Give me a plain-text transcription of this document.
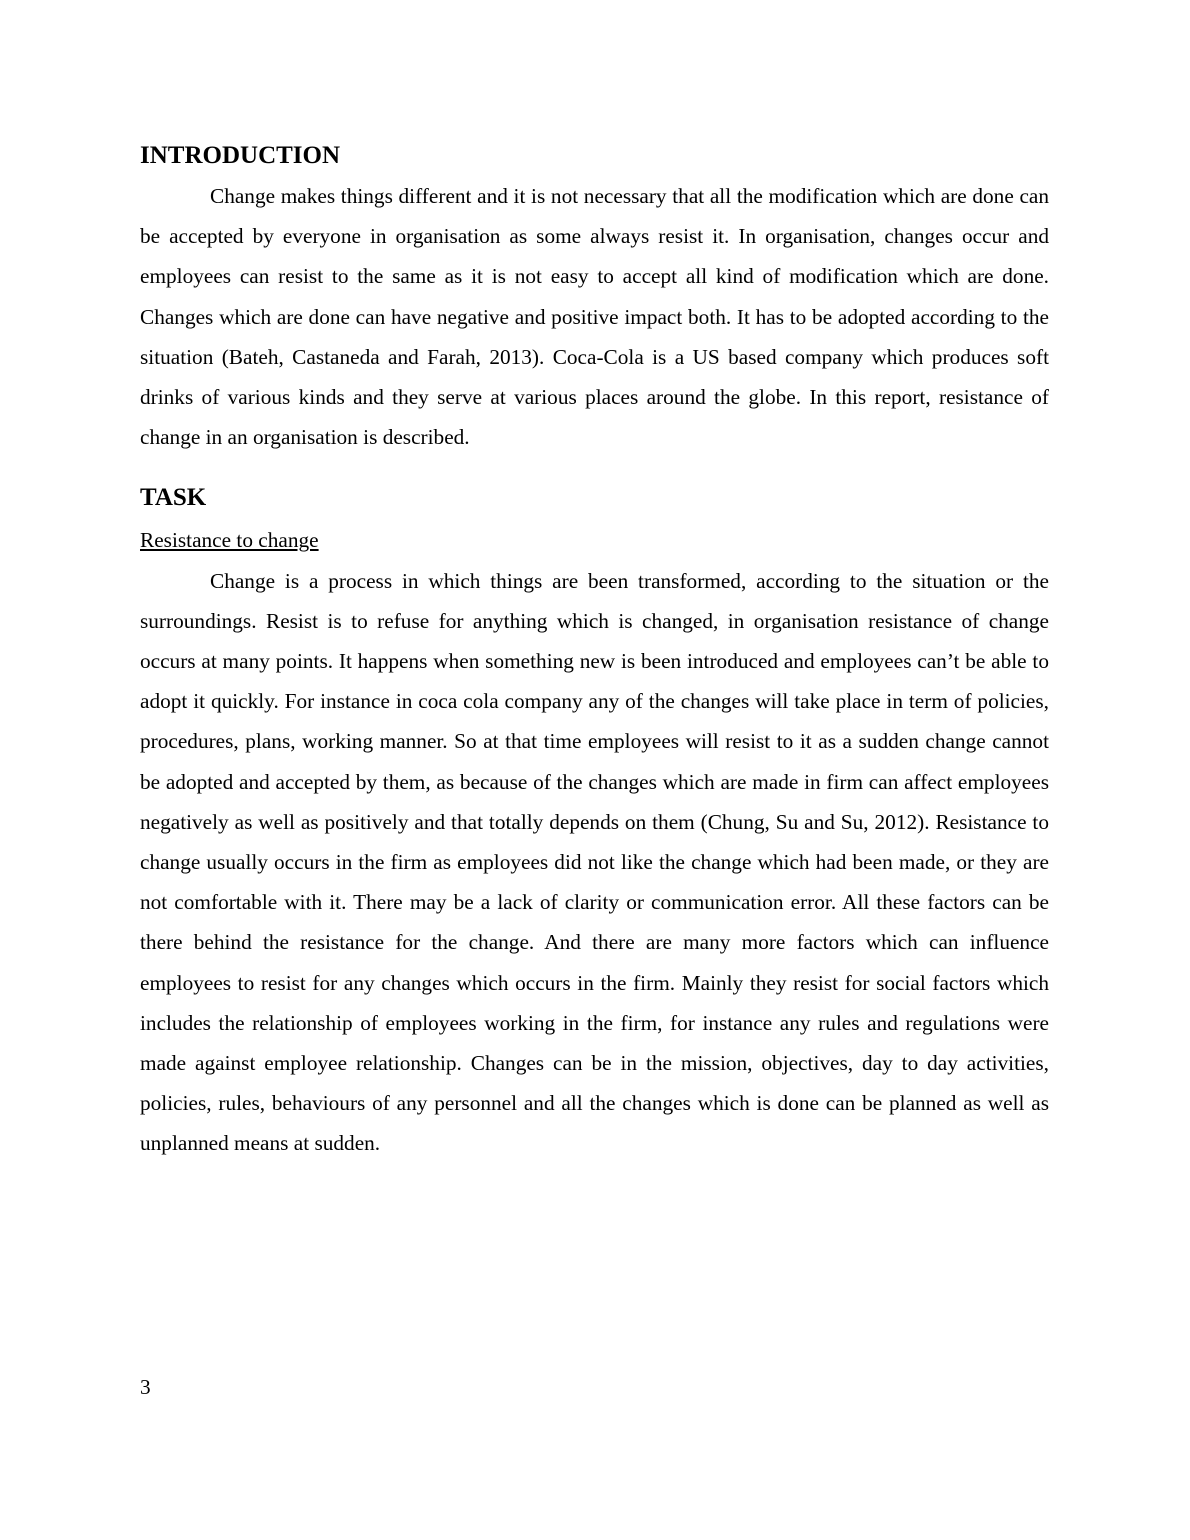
INTRODUCTION

Change makes things different and it is not necessary that all the modification which are done can be accepted by everyone in organisation as some always resist it. In organisation, changes occur and employees can resist to the same as it is not easy to accept all kind of modification which are done. Changes which are done can have negative and positive impact both. It has to be adopted according to the situation (Bateh, Castaneda and Farah, 2013). Coca-Cola is a US based company which produces soft drinks of various kinds and they serve at various places around the globe. In this report, resistance of change in an organisation is described.

TASK
Resistance to change

Change is a process in which things are been transformed, according to the situation or the surroundings. Resist is to refuse for anything which is changed, in organisation resistance of change occurs at many points. It happens when something new is been introduced and employees can’t be able to adopt it quickly. For instance in coca cola company any of the changes will take place in term of policies, procedures, plans, working manner. So at that time employees will resist to it as a sudden change cannot be adopted and accepted by them, as because of the changes which are made in firm can affect employees negatively as well as positively and that totally depends on them (Chung, Su and Su, 2012). Resistance to change usually occurs in the firm as employees did not like the change which had been made, or they are not comfortable with it. There may be a lack of clarity or communication error. All these factors can be there behind the resistance for the change. And there are many more factors which can influence employees to resist for any changes which occurs in the firm. Mainly they resist for social factors which includes the relationship of employees working in the firm, for instance any rules and regulations were made against employee relationship. Changes can be in the mission, objectives, day to day activities, policies, rules, behaviours of any personnel and all the changes which is done can be planned as well as unplanned means at sudden.

3
